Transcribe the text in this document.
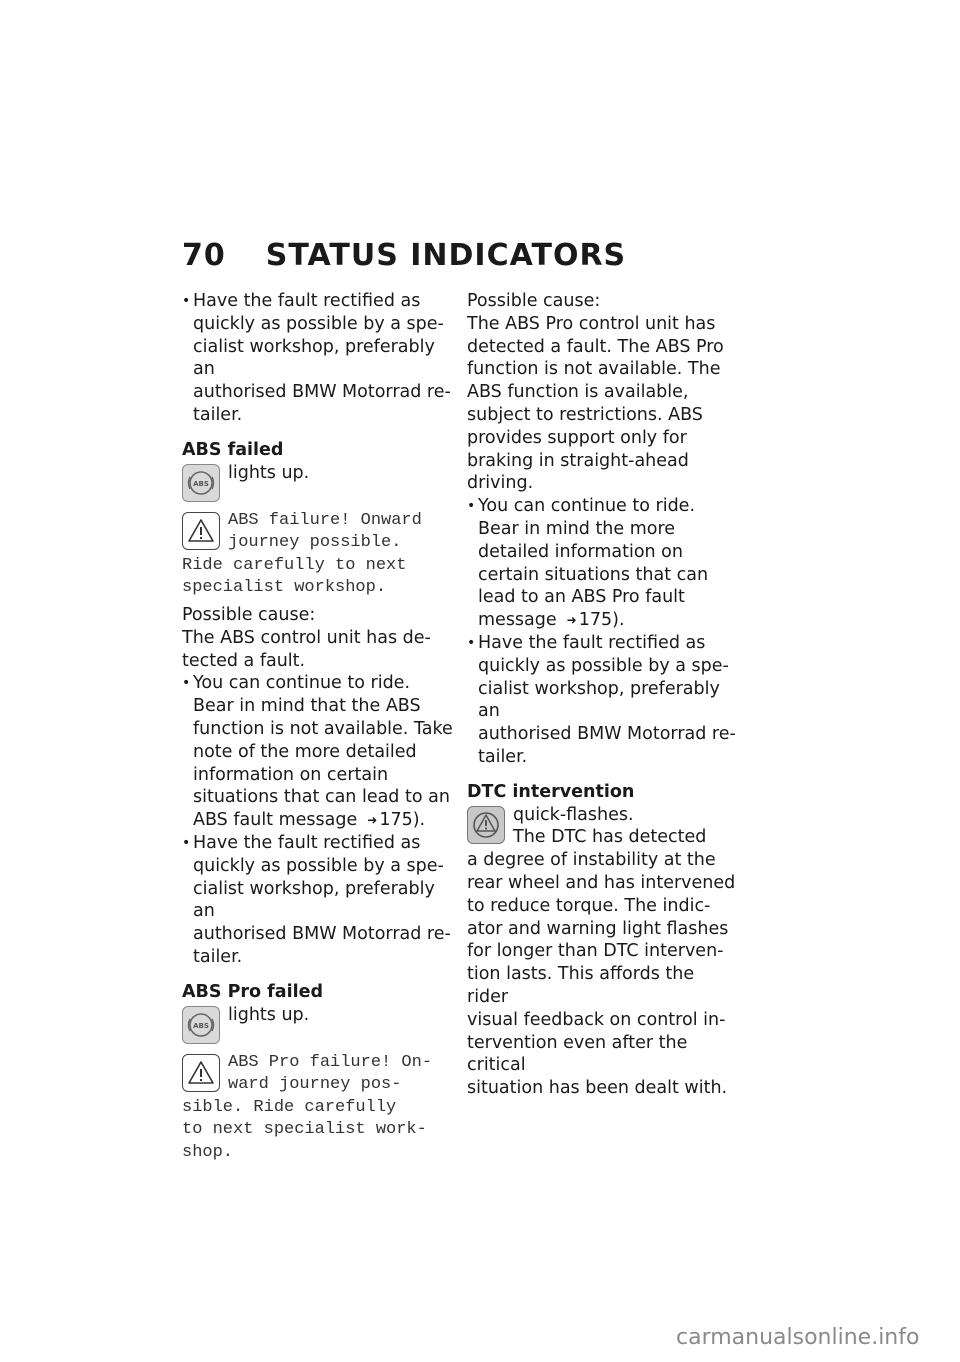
70 STATUS INDICATORS
• Have the fault rectified as
quickly as possible by a spe-
cialist workshop, preferably an
authorised BMW Motorrad re-
tailer.
ABS failed
ABS
lights up.
ABS failure! Onward
journey possible.
Ride carefully to next
specialist workshop.
Possible cause:
The ABS control unit has de-
tected a fault.
• You can continue to ride.
Bear in mind that the ABS
function is not available. Take
note of the more detailed
information on certain
situations that can lead to an
ABS fault message ➜ 175).
• Have the fault rectified as
quickly as possible by a spe-
cialist workshop, preferably an
authorised BMW Motorrad re-
tailer.
ABS Pro failed
ABS
lights up.
ABS Pro failure! On-
ward journey pos-
sible. Ride carefully
to next specialist work-
shop.
Possible cause:
The ABS Pro control unit has
detected a fault. The ABS Pro
function is not available. The
ABS function is available,
subject to restrictions. ABS
provides support only for
braking in straight-ahead
driving.
• You can continue to ride.
Bear in mind the more
detailed information on
certain situations that can
lead to an ABS Pro fault
message ➜ 175).
• Have the fault rectified as
quickly as possible by a spe-
cialist workshop, preferably an
authorised BMW Motorrad re-
tailer.
DTC intervention
quick-flashes.
The DTC has detected
a degree of instability at the
rear wheel and has intervened
to reduce torque. The indic-
ator and warning light flashes
for longer than DTC interven-
tion lasts. This affords the rider
visual feedback on control in-
tervention even after the critical
situation has been dealt with.
carmanualsonline.info
